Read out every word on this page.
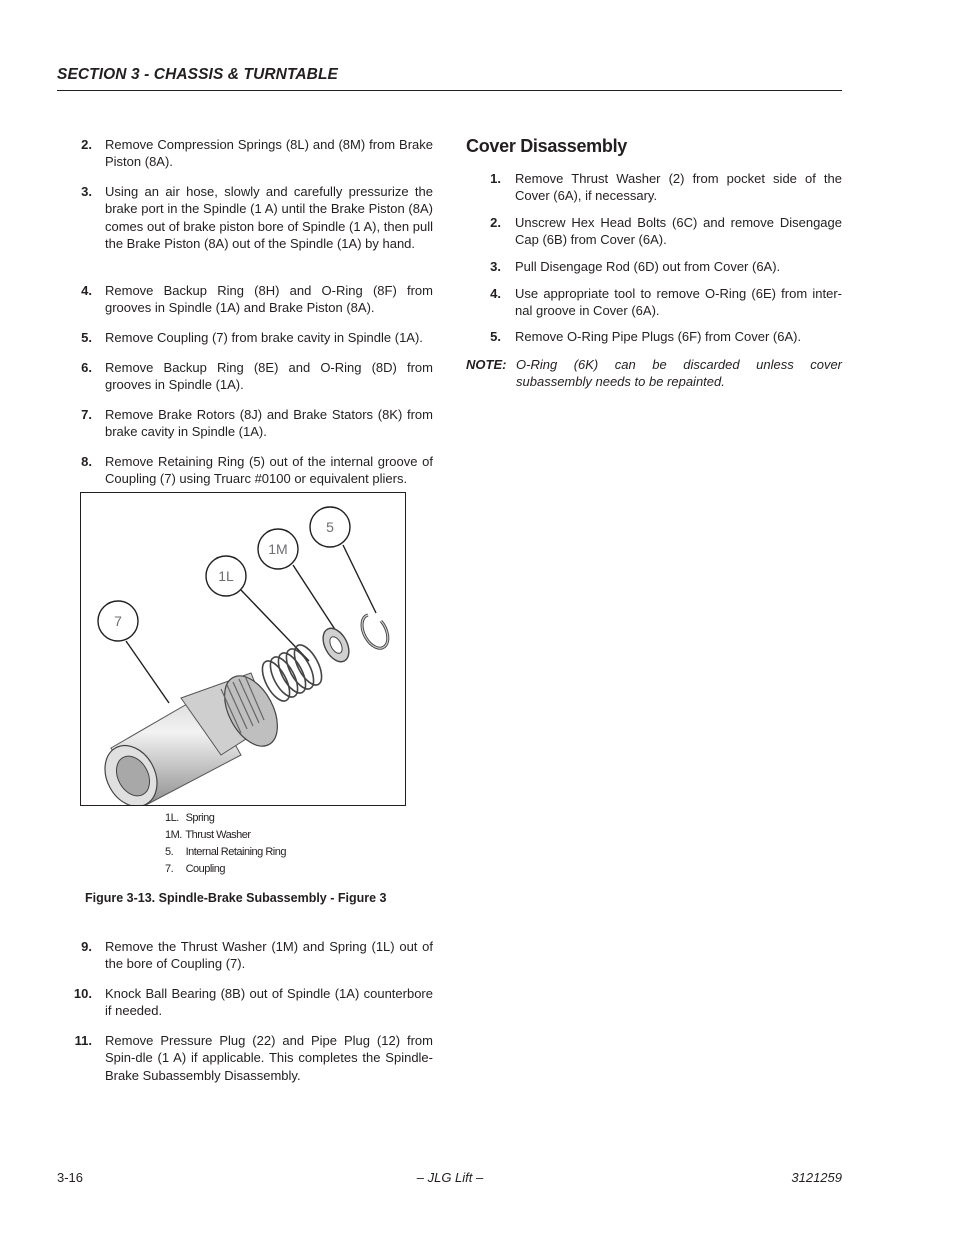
SECTION 3 - CHASSIS & TURNTABLE
2. Remove Compression Springs (8L) and (8M) from Brake Piston (8A).
3. Using an air hose, slowly and carefully pressurize the brake port in the Spindle (1 A) until the Brake Piston (8A) comes out of brake piston bore of Spindle (1 A), then pull the Brake Piston (8A) out of the Spindle (1A) by hand.
4. Remove Backup Ring (8H) and O-Ring (8F) from grooves in Spindle (1A) and Brake Piston (8A).
5. Remove Coupling (7) from brake cavity in Spindle (1A).
6. Remove Backup Ring (8E) and O-Ring (8D) from grooves in Spindle (1A).
7. Remove Brake Rotors (8J) and Brake Stators (8K) from brake cavity in Spindle (1A).
8. Remove Retaining Ring (5) out of the internal groove of Coupling (7) using Truarc #0100 or equivalent pliers.
7
1L
1M
5
1L. Spring
1M. Thrust Washer
5. Internal Retaining Ring
7. Coupling
Figure 3-13. Spindle-Brake Subassembly - Figure 3
9. Remove the Thrust Washer (1M) and Spring (1L) out of the bore of Coupling (7).
10. Knock Ball Bearing (8B) out of Spindle (1A) counterbore if needed.
11. Remove Pressure Plug (22) and Pipe Plug (12) from Spin-dle (1 A) if applicable. This completes the Spindle-Brake Subassembly Disassembly.
Cover Disassembly
1. Remove Thrust Washer (2) from pocket side of the Cover (6A), if necessary.
2. Unscrew Hex Head Bolts (6C) and remove Disengage Cap (6B) from Cover (6A).
3. Pull Disengage Rod (6D) out from Cover (6A).
4. Use appropriate tool to remove O-Ring (6E) from inter-nal groove in Cover (6A).
5. Remove O-Ring Pipe Plugs (6F) from Cover (6A).
NOTE: O-Ring (6K) can be discarded unless cover subassembly needs to be repainted.
3-16	– JLG Lift –	3121259
